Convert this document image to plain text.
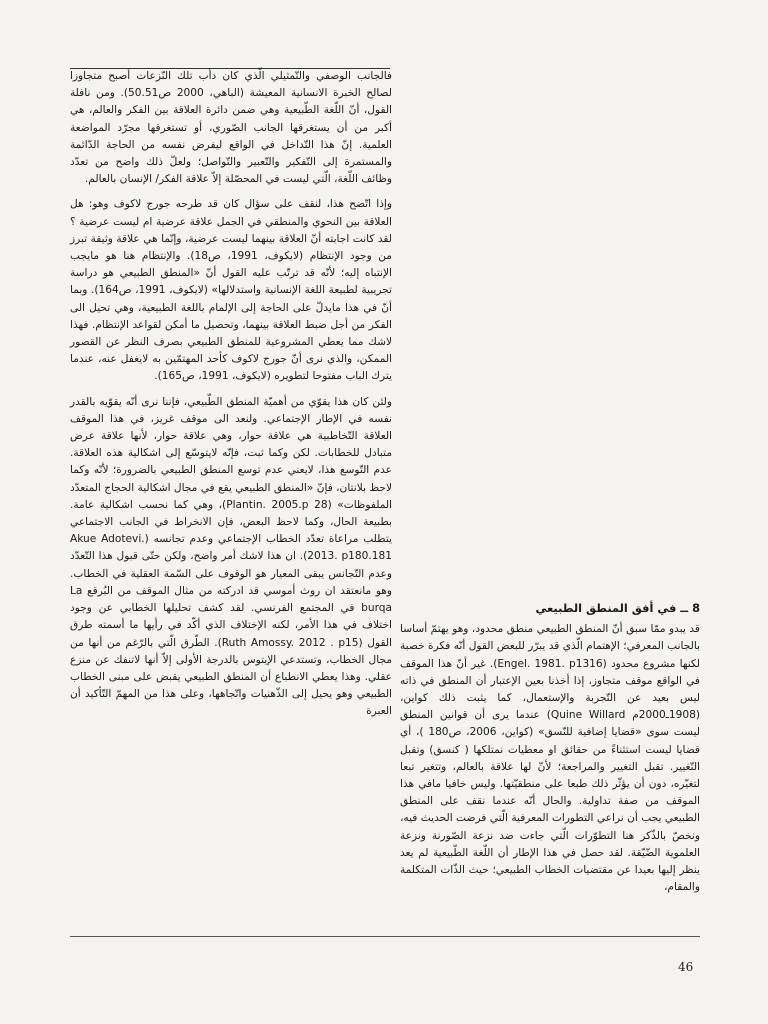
فالجانب الوصفي والتّمثيلي الّذي كان دأب تلك النّزعات أصبح متجاوزا لصالح الخبرة الانسانية المعيشة (الباهي، 2000 ص50.51). ومن نافلة القول، أنّ اللّغة الطّبيعية وهي ضمن دائرة العلاقة بين الفكر والعالم، هي أكبر من أن يستغرقها الجانب الصّوري، أو تستغرقها مجرّد المواضعة العلمية. إنّ هذا التّداخل في الواقع ليفرض نفسه من الحاجة الدّائمة والمستمرة إلى التّفكير والتّعبير والتّواصل؛ ولعلّ ذلك واضح من تعدّد وظائف اللّغة، الّتي ليست في المحصّلة إلاّ علاقة الفكر/ الإنسان بالعالم.

وإذا اتّضح هذا، لنقف على سؤال كان قد طرحه جورج لاكوف وهو: هل العلاقة بين النحوي والمنطقي في الجمل علاقة عرضية ام ليست عرضية ؟ لقد كانت اجابته أنّ العلاقة بينهما ليست عرضية، وإنّما هي علاقة وثيقة تبرز من وجود الإنتظام (لايكوف، 1991، ص18). والإنتظام هنا هو مايجب الإنتباه إليه؛ لأنّه قد ترتّب عليه القول أنّ «المنطق الطبيعي هو دراسة تجريبية لطبيعة اللغة الإنسانية واستدلالها» (لايكوف، 1991، ص164). وبما أنّ في هذا مايدلّ على الحاجة إلى الإلمام باللغة الطبيعية، وهي تحيل الى الفكر من أجل ضبط العلاقة بينهما، وتحصيل ما أمكن لقواعد الإنتظام. فهذا لاشك مما يعطي المشروعية للمنطق الطبيعي بصرف النظر عن القصور الممكن، والذي نرى أنّ جورج لاكوف كأحد المهتمّين به لايغفل عنه، عندما يترك الباب مفتوحا لتطويره (لايكوف، 1991، ص165).

ولئن كان هذا يقوّي من أهميّة المنطق الطّبيعي، فإننا نرى أنّه يقوّيه بالقدر نفسه في الإطار الإجتماعي. ولنعد الى موقف غريز، في هذا الموقف العلاقة التّخاطبية هي علاقة حوار، وهي علاقة حوار، لأنها علاقة عرض متبادل للخطابات. لكن وكما ثبت، فإنّه لايتوسّع إلى اشكالية هذه العلاقة. عدم التّوسع هذا، لايعني عدم توسع المنطق الطبيعي بالضرورة؛ لأنّه وكما لاحظ بلانتان، فإنّ «المنطق الطبيعي يقع في مجال اشكالية الحجاج المتعدّد الملفوظات» (Plantin. 2005.p 28)، وهي كما نحسب اشكالية عامة. بطبيعة الحال، وكما لاحظ البعض، فإن الانخراط في الجانب الاجتماعي يتطلب مراعاة تعدّد الخطاب الإجتماعي وعدم تجانسه (Akue Adotevi. 2013. p180.181). ان هذا لاشك أمر واضح، ولكن حتّى قبول هذا التّعدّد وعدم التّجانس يبقى المعيار هو الوقوف على السّمة العقلية في الخطاب. وهو مانعتقد ان روث أموسي قد ادركته من مثال الموقف من البُرقع La burqa في المجتمع الفرنسي. لقد كشف تحليلها الخطابي عن وجود اختلاف في هذا الأمر، لكنه الإختلاف الذي أكّد في رأيها ما أسمته طرق القول (Ruth Amossy. 2012 . p15). الطّرق الّتي بالرّغم من أنها من مجال الخطاب، وتستدعي الإيتوس بالدرجة الأولى إلاّ أنها لاتنفك عن منزع عقلي. وهذا يعطي الانطباع أن المنطق الطبيعي يقبض على مبنى الخطاب الطبيعي وهو يحيل إلى الذّهنيات واتّجاهها، وعلى هذا من المهمّ التّأكيد أن العبرة

8 ــ في أفق المنطق الطبيعي

قد يبدو ممّا سبق أنّ المنطق الطبيعي منطق محدود، وهو يهتمّ أساسا بالجانب المعرفي؛ الإهتمام الّذي قد يبرّر للبعض القول أنّه فكرة خصبة لكنها مشروع محدود (Engel. 1981. p1316). غير أنّ هذا الموقف في الواقع موقف متجاوز، إذا أخذنا بعين الإعتبار أن المنطق في ذاته ليس بعيد عن التّجربة والإستعمال، كما يثبت ذلك كواين، (1908ـ2000م Quine Willard) عندما يرى أن قوانين المنطق ليست سوى «قضايا إضافية للنّسق» (كواين، 2006، ص180 )، أي قضايا ليست استثناءً من حقائق او معطيات نمتلكها ( كنسق) وتقبل التّغيير. تقبل التغيير والمراجعة؛ لأنّ لها علاقة بالعالم، وتتغير تبعا لتغيّره، دون أن يؤثّر ذلك طبعا على منطقيّتها. وليس خافيا مافي هذا الموقف من صفة تداولية. والحال أنّه عندما نقف على المنطق الطبيعي يجب أن نراعي التطورات المعرفية الّتي فرضت الحديث فيه، ونخصّ بالذّكر هنا التطوّرات الّتي جاءت ضد نزعة الصّورنة ونزعة العلموية الضّيّقة. لقد حصل في هذا الإطار أن اللّغة الطّبيعية لم يعد ينظر إليها بعيدا عن مقتضيات الخطاب الطبيعي؛ حيث الذّات المتكلمة والمقام،

46
